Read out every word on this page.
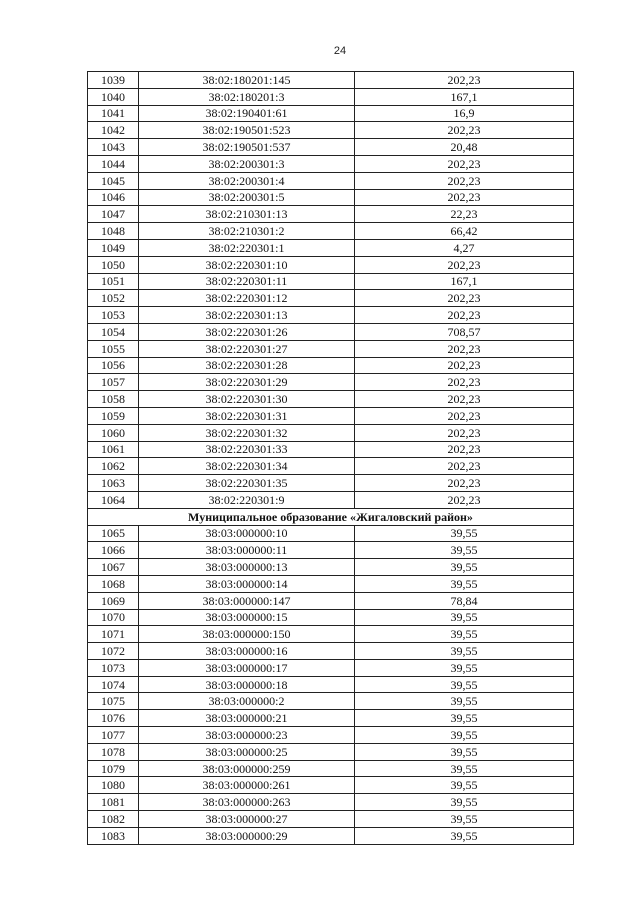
24
1039	38:02:180201:145	202,23
1040	38:02:180201:3	167,1
1041	38:02:190401:61	16,9
1042	38:02:190501:523	202,23
1043	38:02:190501:537	20,48
1044	38:02:200301:3	202,23
1045	38:02:200301:4	202,23
1046	38:02:200301:5	202,23
1047	38:02:210301:13	22,23
1048	38:02:210301:2	66,42
1049	38:02:220301:1	4,27
1050	38:02:220301:10	202,23
1051	38:02:220301:11	167,1
1052	38:02:220301:12	202,23
1053	38:02:220301:13	202,23
1054	38:02:220301:26	708,57
1055	38:02:220301:27	202,23
1056	38:02:220301:28	202,23
1057	38:02:220301:29	202,23
1058	38:02:220301:30	202,23
1059	38:02:220301:31	202,23
1060	38:02:220301:32	202,23
1061	38:02:220301:33	202,23
1062	38:02:220301:34	202,23
1063	38:02:220301:35	202,23
1064	38:02:220301:9	202,23
Муниципальное образование «Жигаловский район»		
1065	38:03:000000:10	39,55
1066	38:03:000000:11	39,55
1067	38:03:000000:13	39,55
1068	38:03:000000:14	39,55
1069	38:03:000000:147	78,84
1070	38:03:000000:15	39,55
1071	38:03:000000:150	39,55
1072	38:03:000000:16	39,55
1073	38:03:000000:17	39,55
1074	38:03:000000:18	39,55
1075	38:03:000000:2	39,55
1076	38:03:000000:21	39,55
1077	38:03:000000:23	39,55
1078	38:03:000000:25	39,55
1079	38:03:000000:259	39,55
1080	38:03:000000:261	39,55
1081	38:03:000000:263	39,55
1082	38:03:000000:27	39,55
1083	38:03:000000:29	39,55
